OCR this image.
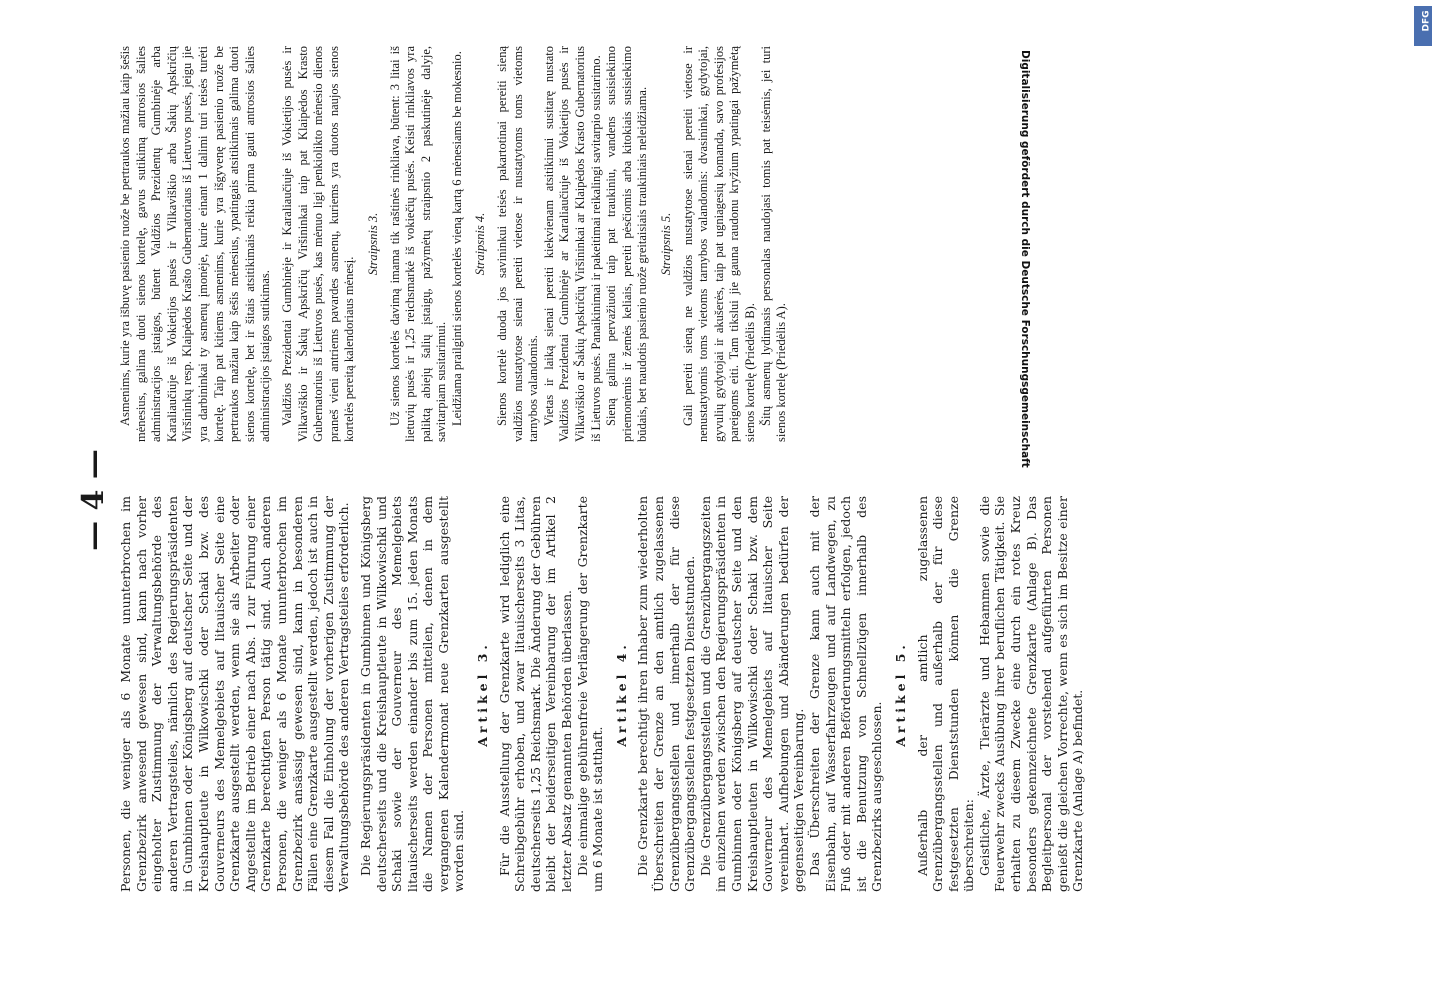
— 4 — Personen, die weniger als 6 Monate ununterbrochen im Grenzbezirk anwesend gewesen sind, kann nach vorher eingeholter Zustimmung der Verwaltungsbehörde des anderen Vertragsteiles, nämlich des Regierungspräsidenten in Gumbinnen oder Königsberg auf deutscher Seite und der Kreishauptleute in Wilkowischki oder Schaki bzw. des Gouverneurs des Memelgebiets auf litauischer Seite eine Grenzkarte ausgestellt werden, wenn sie als Arbeiter oder Angestellte im Betrieb einer nach Abs. 1 zur Führung einer Grenzkarte berechtigten Person tätig sind. Auch anderen Personen, die weniger als 6 Monate ununterbrochen im Grenzbezirk ansässig gewesen sind, kann in besonderen Fällen eine Grenzkarte ausgestellt werden, jedoch ist auch in diesem Fall die Einholung der vorherigen Zustimmung der Verwaltungsbehörde des anderen Vertragsteiles erforderlich. Die Regierungspräsidenten in Gumbinnen und Königsberg deutscherseits und die Kreishauptleute in Wilkowischki und Schaki sowie der Gouverneur des Memelgebiets litauischerseits werden einander bis zum 15. jeden Monats die Namen der Personen mitteilen, denen in dem vergangenen Kalendermonat neue Grenzkarten ausgestellt worden sind.

Artikel 3. Für die Ausstellung der Grenzkarte wird lediglich eine Schreibgebühr erhoben, und zwar litauischerseits 3 Litas, deutscherseits 1,25 Reichsmark. Die Änderung der Gebühren bleibt der beiderseitigen Vereinbarung der im Artikel 2 letzter Absatz genannten Behörden überlassen. Die einmalige gebührenfreie Verlängerung der Grenzkarte um 6 Monate ist statthaft.

Artikel 4. Die Grenzkarte berechtigt ihren Inhaber zum wiederholten Überschreiten der Grenze an den amtlich zugelassenen Grenzübergangsstellen und innerhalb der für diese Grenzübergangsstellen festgesetzten Dienststunden. Die Grenzübergangsstellen und die Grenzübergangszeiten im einzelnen werden zwischen den Regierungspräsidenten in Gumbinnen oder Königsberg auf deutscher Seite und den Kreishauptleuten in Wilkowischki oder Schaki bzw. dem Gouverneur des Memelgebiets auf litauischer Seite vereinbart. Aufhebungen und Abänderungen bedürfen der gegenseitigen Vereinbarung. Das Überschreiten der Grenze kann auch mit der Eisenbahn, auf Wasserfahrzeugen und auf Landwegen, zu Fuß oder mit anderen Beförderungsmitteln erfolgen, jedoch ist die Benutzung von Schnellzügen innerhalb des Grenzbezirks ausgeschlossen.

Artikel 5. Außerhalb der amtlich zugelassenen Grenzübergangsstellen und außerhalb der für diese festgesetzten Dienststunden können die Grenze überschreiten: Geistliche, Ärzte, Tierärzte und Hebammen sowie die Feuerwehr zwecks Ausübung ihrer beruflichen Tätigkeit. Sie erhalten zu diesem Zwecke eine durch ein rotes Kreuz besonders gekennzeichnete Grenzkarte (Anlage B). Das Begleitpersonal der vorstehend aufgeführten Personen genießt die gleichen Vorrechte, wenn es sich im Besitze einer Grenzkarte (Anlage A) befindet.

Asmenims, kurie yra išbuvę pasienio ruože be pertraukos mažiau kaip šešis mėnesius, galima duoti sienos kortelę, gavus sutikimą antrosios šalies administracijos įstaigos, būtent Valdžios Prezidentų Gumbinėje arba Karaliaučiuje iš Vokietijos pusės ir Vilkaviškio arba Šakių Apskričių Viršininkų resp. Klaipėdos Krašto Gubernatoriaus iš Lietuvos pusės, jeigu jie yra darbininkai ty asmenų įmonėje, kurie einant 1 dalimi turi teisės turėti kortelę. Taip pat kitiems asmenims, kurie yra išgyvenę pasienio ruože be pertraukos mažiau kaip šešis mėnesius, ypatingais atsitikimais galima duoti sienos kortelę, bet ir šitais atsitikimais reikia pirma gauti antrosios šalies administracijos įstaigos sutikimas. Valdžios Prezidentai Gumbinėje ir Karaliaučiuje iš Vokietijos pusės ir Vilkaviškio ir Šakių Apskričių Viršininkai taip pat Klaipėdos Krasto Gubernatorius iš Lietuvos pusės, kas mėnuo ligi penkiolikto mėnesio dienos praneš vieni antriems pavardes asmenų, kuriems yra duotos naujos sienos kortelės pereitą kalendoriaus mėnesį.

Straipsnis 3. Už sienos kortelės davimą imama tik raštinės rinkliava, būtent: 3 litai iš lietuvių pusės ir 1,25 reichsmarkė iš vokiečių pusės. Keisti rinkliavos yra paliktą abiejų šalių įstaigų, pažymėtų straipsnio 2 paskutinėje dalyje, savitarpiam susitarimui. Leidžiama prailginti sienos kortelės vieną kartą 6 mėnesiams be mokesnio. Straipsnis 4. Sienos kortelė duoda jos savininkui teisės pakartotinai pereiti sieną valdžios nustatytose sienai pereiti vietose ir nustatytoms toms vietoms tarnybos valandomis. Vietas ir laiką sienai pereiti kiekvienam atsitikimui susitarę nustato Valdžios Prezidentai Gumbinėje ar Karaliaučiuje iš Vokietijos pusės ir Vilkaviškio ar Šakių Apskričių Viršininkai ar Klaipėdos Krasto Gubernatorius iš Lietuvos pusės. Panaikinimai ir pakeitimai reikalingi savitarpio susitarimo. Sieną galima pervažiuoti taip pat traukiniu, vandens susisiekimo priemonėmis ir žemės keliais, pereiti pėsčiomis arba kitokiais susisiekimo būdais, bet naudotis pasienio ruože greitaisiais traukiniais neleidžiama. Straipsnis 5. Gali pereiti sieną ne valdžios nustatytose sienai pereiti vietose ir nenustatytomis toms vietoms tarnybos valandomis: dvasininkai, gydytojai, gyvulių gydytojai ir akušerės, taip pat ugniagesių komanda, savo profesijos pareigoms eiti. Tam tikslui jie gauna raudonu kryžium ypatingai pažymėtą sienos kortelę (Priedėlis B). Šitų asmenų lydimasis personalas naudojasi tomis pat teisėmis, jei turi sienos kortelę (Priedėlis A).

DFG
Digitalisierung gefördert durch die Deutsche Forschungsgemeinschaft
